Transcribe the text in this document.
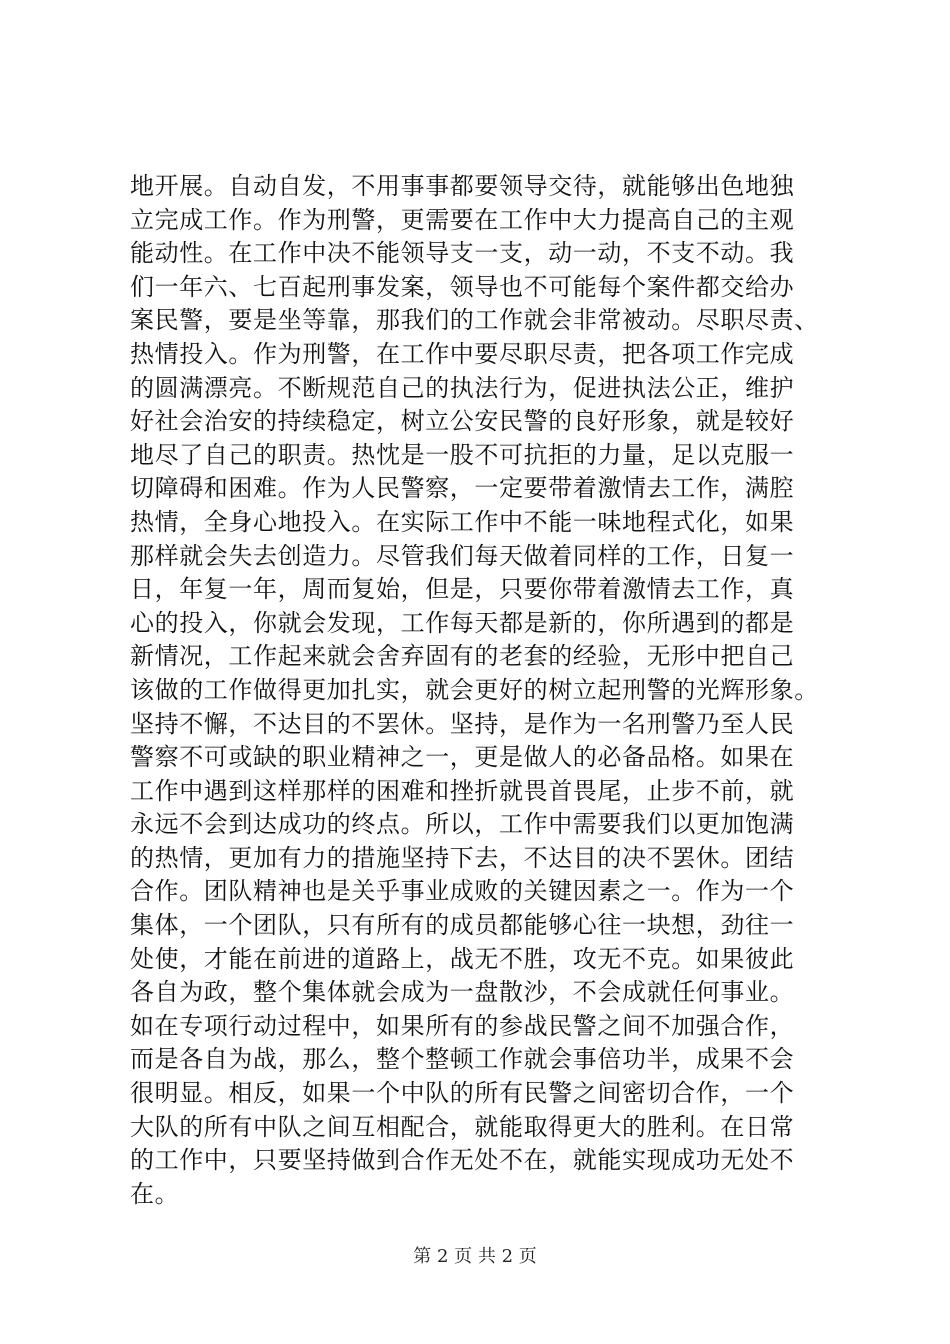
地开展。自动自发，不用事事都要领导交待，就能够出色地独
立完成工作。作为刑警，更需要在工作中大力提高自己的主观
能动性。在工作中决不能领导支一支，动一动，不支不动。我
们一年六、七百起刑事发案，领导也不可能每个案件都交给办
案民警，要是坐等靠，那我们的工作就会非常被动。尽职尽责、
热情投入。作为刑警，在工作中要尽职尽责，把各项工作完成
的圆满漂亮。不断规范自己的执法行为，促进执法公正，维护
好社会治安的持续稳定，树立公安民警的良好形象，就是较好
地尽了自己的职责。热忱是一股不可抗拒的力量，足以克服一
切障碍和困难。作为人民警察，一定要带着激情去工作，满腔
热情，全身心地投入。在实际工作中不能一味地程式化，如果
那样就会失去创造力。尽管我们每天做着同样的工作，日复一
日，年复一年，周而复始，但是，只要你带着激情去工作，真
心的投入，你就会发现，工作每天都是新的，你所遇到的都是
新情况，工作起来就会舍弃固有的老套的经验，无形中把自己
该做的工作做得更加扎实，就会更好的树立起刑警的光辉形象。
坚持不懈，不达目的不罢休。坚持，是作为一名刑警乃至人民
警察不可或缺的职业精神之一，更是做人的必备品格。如果在
工作中遇到这样那样的困难和挫折就畏首畏尾，止步不前，就
永远不会到达成功的终点。所以，工作中需要我们以更加饱满
的热情，更加有力的措施坚持下去，不达目的决不罢休。团结
合作。团队精神也是关乎事业成败的关键因素之一。作为一个
集体，一个团队，只有所有的成员都能够心往一块想，劲往一
处使，才能在前进的道路上，战无不胜，攻无不克。如果彼此
各自为政，整个集体就会成为一盘散沙，不会成就任何事业。
如在专项行动过程中，如果所有的参战民警之间不加强合作，
而是各自为战，那么，整个整顿工作就会事倍功半，成果不会
很明显。相反，如果一个中队的所有民警之间密切合作，一个
大队的所有中队之间互相配合，就能取得更大的胜利。在日常
的工作中，只要坚持做到合作无处不在，就能实现成功无处不
在。
第 2 页 共 2 页
